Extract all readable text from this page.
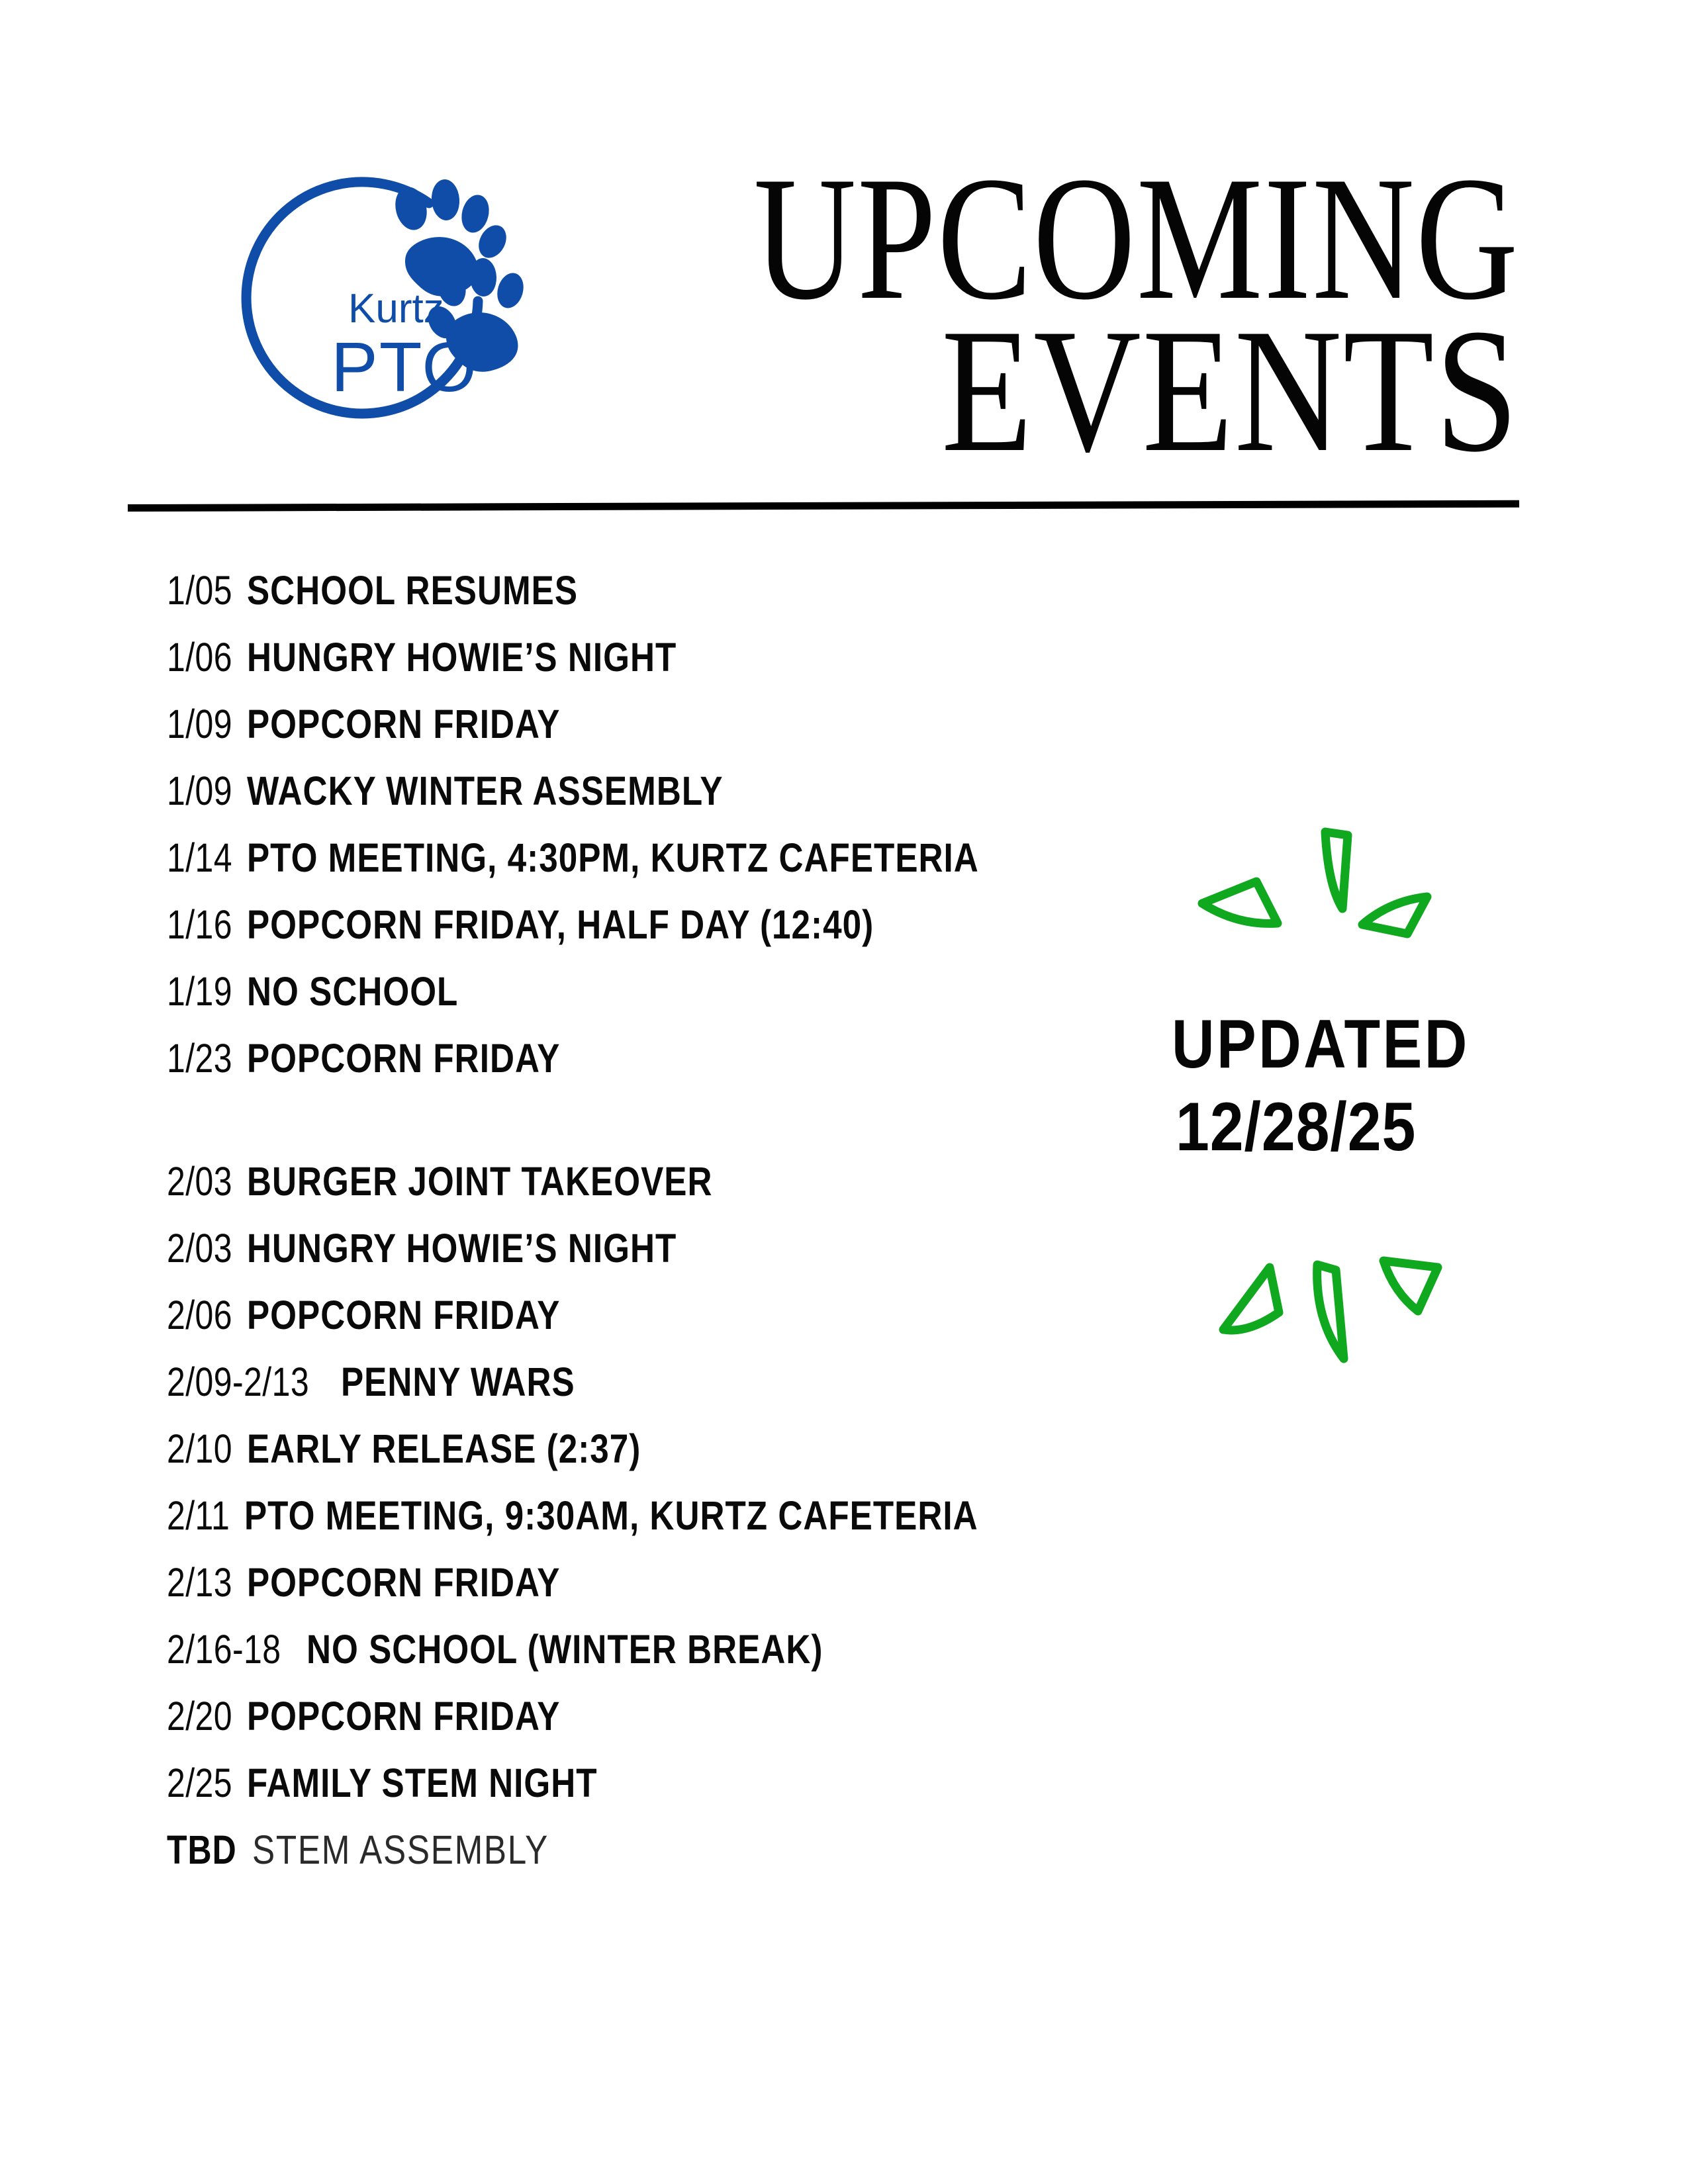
Kurtz
PTO
UPCOMING
EVENTS
1/05 SCHOOL RESUMES
1/06 HUNGRY HOWIE’S NIGHT
1/09 POPCORN FRIDAY
1/09 WACKY WINTER ASSEMBLY
1/14 PTO MEETING, 4:30PM, KURTZ CAFETERIA
1/16 POPCORN FRIDAY, HALF DAY (12:40)
1/19 NO SCHOOL
1/23 POPCORN FRIDAY
2/03 BURGER JOINT TAKEOVER
2/03 HUNGRY HOWIE’S NIGHT
2/06 POPCORN FRIDAY
2/09-2/13 PENNY WARS
2/10 EARLY RELEASE (2:37)
2/11 PTO MEETING, 9:30AM, KURTZ CAFETERIA
2/13 POPCORN FRIDAY
2/16-18 NO SCHOOL (WINTER BREAK)
2/20 POPCORN FRIDAY
2/25 FAMILY STEM NIGHT
TBD STEM ASSEMBLY
UPDATED
12/28/25
